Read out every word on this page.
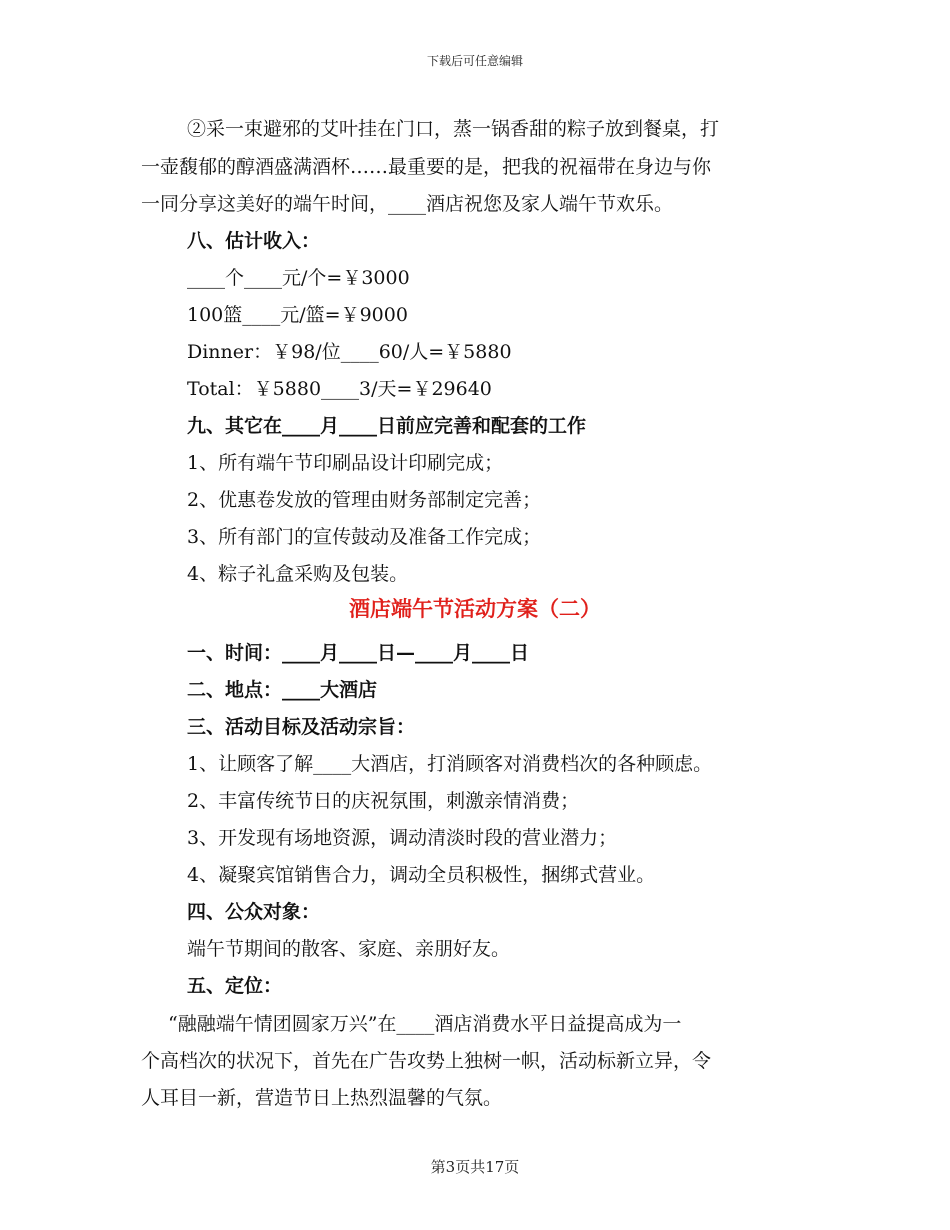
下载后可任意编辑
②采一束避邪的艾叶挂在门口，蒸一锅香甜的粽子放到餐桌，打
一壶馥郁的醇酒盛满酒杯……最重要的是，把我的祝福带在身边与你
一同分享这美好的端午时间，____酒店祝您及家人端午节欢乐。
八、估计收入：
____个____元/个=￥3000
100篮____元/篮=￥9000
Dinner：￥98/位____60/人=￥5880
Total：￥5880____3/天=￥29640
九、其它在____月____日前应完善和配套的工作
1、所有端午节印刷品设计印刷完成；
2、优惠卷发放的管理由财务部制定完善；
3、所有部门的宣传鼓动及准备工作完成；
4、粽子礼盒采购及包装。
酒店端午节活动方案（二）
一、时间：____月____日—____月____日
二、地点：____大酒店
三、活动目标及活动宗旨：
1、让顾客了解____大酒店，打消顾客对消费档次的各种顾虑。
2、丰富传统节日的庆祝氛围，刺激亲情消费；
3、开发现有场地资源，调动清淡时段的营业潜力；
4、凝聚宾馆销售合力，调动全员积极性，捆绑式营业。
四、公众对象：
端午节期间的散客、家庭、亲朋好友。
五、定位：
“融融端午情团圆家万兴”在____酒店消费水平日益提高成为一
个高档次的状况下，首先在广告攻势上独树一帜，活动标新立异，令
人耳目一新，营造节日上热烈温馨的气氛。
第3页共17页
